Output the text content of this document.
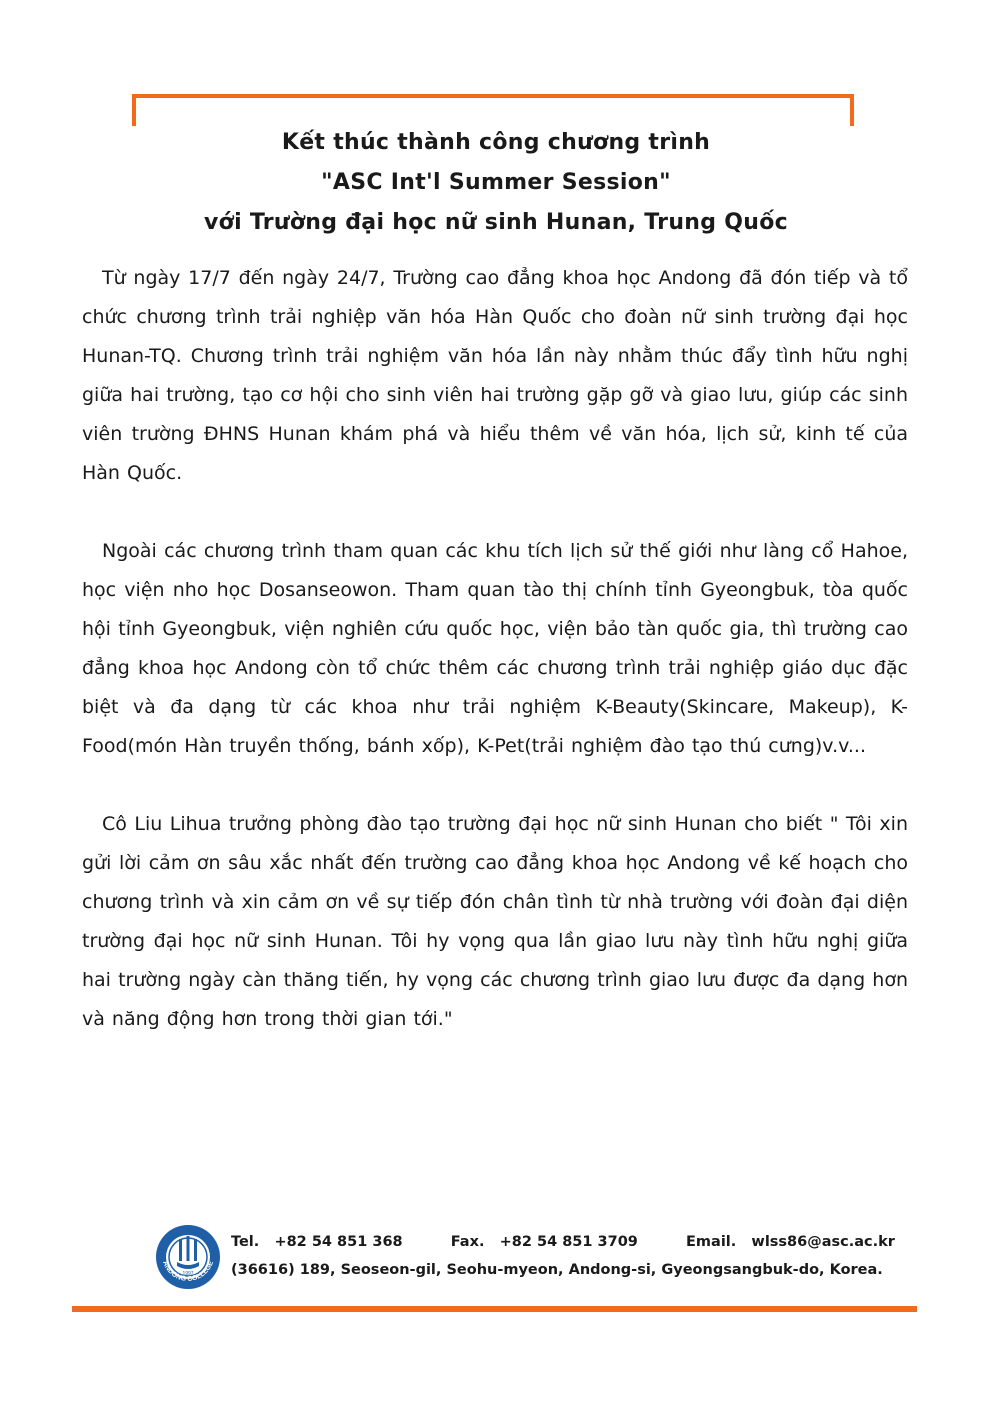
Kết thúc thành công chương trình
"ASC Int'l Summer Session"
với Trường đại học nữ sinh Hunan, Trung Quốc

Từ ngày 17/7 đến ngày 24/7, Trường cao đẳng khoa học Andong đã đón tiếp và tổ chức chương trình trải nghiệp văn hóa Hàn Quốc cho đoàn nữ sinh trường đại học Hunan-TQ. Chương trình trải nghiệm văn hóa lần này nhằm thúc đẩy tình hữu nghị giữa hai trường, tạo cơ hội cho sinh viên hai trường gặp gỡ và giao lưu, giúp các sinh viên trường ĐHNS Hunan khám phá và hiểu thêm về văn hóa, lịch sử, kinh tế của Hàn Quốc.

Ngoài các chương trình tham quan các khu tích lịch sử thế giới như làng cổ Hahoe, học viện nho học Dosanseowon. Tham quan tào thị chính tỉnh Gyeongbuk, tòa quốc hội tỉnh Gyeongbuk, viện nghiên cứu quốc học, viện bảo tàn quốc gia, thì trường cao đẳng khoa học Andong còn tổ chức thêm các chương trình trải nghiệp giáo dục đặc biệt và đa dạng từ các khoa như trải nghiệm K-Beauty(Skincare, Makeup), K-Food(món Hàn truyền thống, bánh xốp), K-Pet(trải nghiệm đào tạo thú cưng)v.v...

Cô Liu Lihua trưởng phòng đào tạo trường đại học nữ sinh Hunan cho biết " Tôi xin gửi lời cảm ơn sâu xắc nhất đến trường cao đẳng khoa học Andong về kế hoạch cho chương trình và xin cảm ơn về sự tiếp đón chân tình từ nhà trường với đoàn đại diện trường đại học nữ sinh Hunan. Tôi hy vọng qua lần giao lưu này tình hữu nghị giữa hai trường ngày càn thăng tiến, hy vọng các chương trình giao lưu được đa dạng hơn và năng động hơn trong thời gian tới."

1997
ANDONG COLLEGE
Tel. +82 54 851 368	Fax. +82 54 851 3709	Email. wlss86@asc.ac.kr
(36616) 189, Seoseon-gil, Seohu-myeon, Andong-si, Gyeongsangbuk-do, Korea.
